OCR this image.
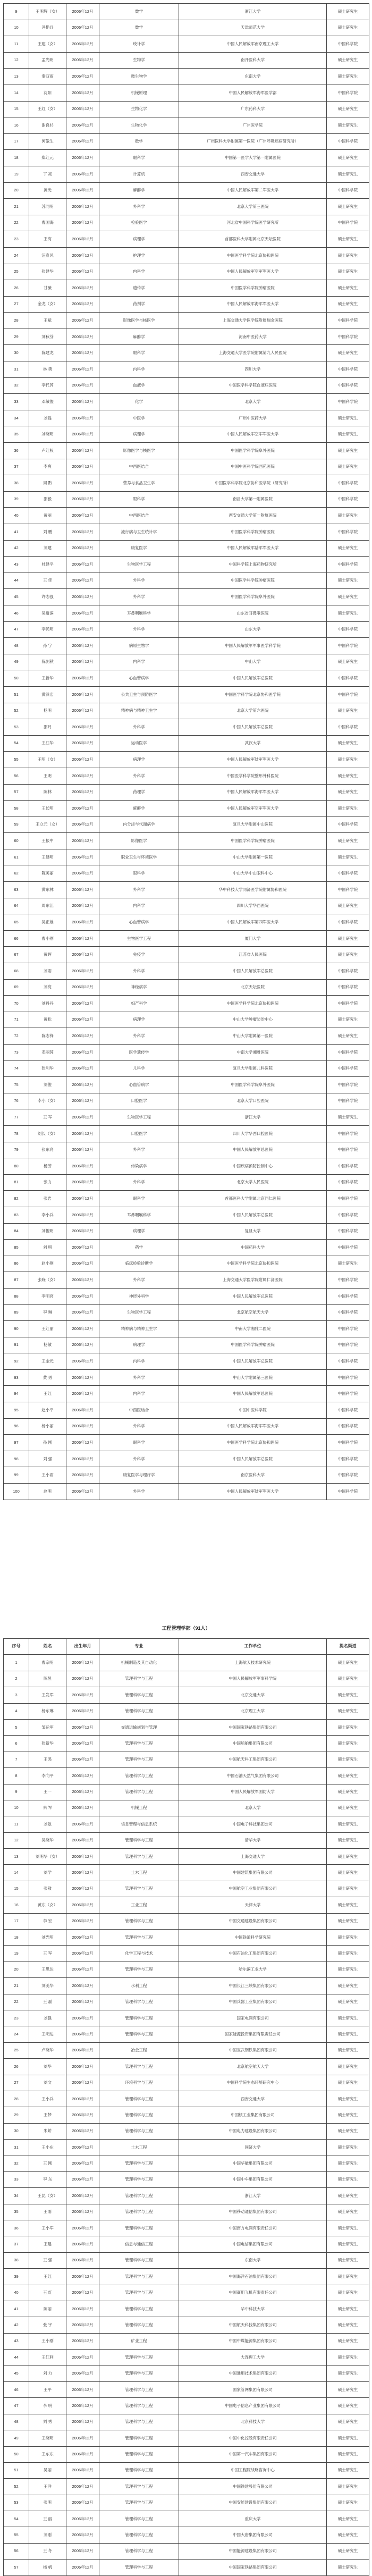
9	王明辉（女）	2006年12月	数学	浙江大学	硕士研究生
10	冯艳兵	2006年12月	数学	天津师范大学	硕士研究生
11	王建（女）	2006年12月	统计学	中国人民解放军南京理工大学	中国科学院
12	孟光明	2006年12月	生物学	南开医科大学	硕士研究生
13	秦双雨	2006年12月	微生物学	东南大学	硕士研究生
14	沈阳	2006年12月	机械原理	中国人民解放军海军医学部	中国科学院
15	王红（女）	2006年12月	生物化学	广东药科大学	硕士研究生
16	谢良杉	2006年12月	生物化学	广州医学院	硕士研究生
17	何傲生	2006年12月	数学	广州医科大学附属第一医院（广州呼吸疾病研究所）	中国科学院
18	郑红元	2006年12月	眼科学	中国第一医学大学第一附属医院	硕士研究生
19	丁 亮	2006年12月	计算机	西安交通大学	硕士研究生
20	黄光	2006年12月	麻醉学	中国人民解放军第二军医大学	中国科学院
21	苏同明	2006年12月	外科学	北京大学第三医院	硕士研究生
22	曹国海	2006年12月	检验医学	河北省中国科学院医学研究所	中国科学院
23	王海	2006年12月	病理学	首都医科大学附属北京天坛医院	硕士研究生
24	汪春风	2006年12月	护理学	中国医学科学院北京协和医院	硕士研究生
25	张建华	2006年12月	内科学	中国人民解放军空军军医大学	硕士研究生
26	甘薇	2006年12月	遗传学	中国医学科学院肿瘤医院	硕士研究生
27	金龙（女）	2006年12月	药剂学	中国人民解放军海军军医大学	硕士研究生
28	王斌	2006年12月	影像医学与核医学	上海交通大学医学院附属瑞金医院	中国科学院
29	刘秋芬	2006年12月	麻醉学	河南中医药大学	中国科学院
30	陈建龙	2006年12月	眼科学	上海交通大学医学院附属第九人民医院	硕士研究生
31	林 勇	2006年12月	内科学	四川大学	中国科学院
32	李代芮	2006年12月	血液学	中国医学科学院血液病医院	中国科学院
33	邓敏俊	2006年12月	化学	北京大学	中国科学院
34	刘磊	2006年12月	中医学	广州中医药大学	硕士研究生
35	刘晓明	2006年12月	病理学	中国人民解放军空军军医大学	硕士研究生
36	卢红权	2006年12月	影像医学与核医学	中国医学科学院阜外医院	硕士研究生
37	李爽	2006年12月	中西医结合	中国中医科学院西苑医院	硕士研究生
38	周 黔	2006年12月	营养与食品卫生学	中国医学科学院北京协和医学院（研究所）	中国科学院
39	邵毅	2006年12月	眼科学	南昌大学第一附属医院	中国科学院
40	黄丽	2006年12月	中西医结合	西安交通大学第一附属医院	硕士研究生
41	刘 鹏	2006年12月	流行病与卫生统计学	中国医学科学院肿瘤医院	中国科学院
42	刘建	2006年12月	康复医学	中国人民解放军陆军军医大学	硕士研究生
43	杜建平	2006年12月	生物医学工程	中国科学院上海药物研究所	中国科学院
44	王 佳	2006年12月	外科学	中国医学科学院肿瘤医院	硕士研究生
45	许志强	2006年12月	外科学	中国医学科学院阜外医院	硕士研究生
46	吴道滨	2006年12月	耳鼻咽喉科学	山东省耳鼻喉医院	硕士研究生
47	李民明	2006年12月	外科学	山东大学	中国科学院
48	孙 宁	2006年12月	病原生物学	中国人民解放军军事医学科学院	中国科学院
49	陈剑秋	2006年12月	内科学	中山大学	硕士研究生
50	王新华	2006年12月	心血管病学	中国人民解放军总医院	中国科学院
51	黄泽宏	2006年12月	公共卫生与预防医学	中国医学科学院北京协和医学院	中国科学院
52	杨明	2006年12月	精神病与精神卫生学	北京大学第六医院	硕士研究生
53	邵月	2006年12月	外科学	中国人民解放军总医院	中国科学院
54	王江华	2006年12月	运动医学	武汉大学	硕士研究生
55	王明（女）	2006年12月	病理学	中国人民解放军陆军军医大学	硕士研究生
56	王明	2006年12月	外科学	中国医学科学院整形外科医院	硕士研究生
57	陈林	2006年12月	药理学	中国人民解放军海军军医大学	硕士研究生
58	王长明	2006年12月	麻醉学	中国人民解放军空军军医大学	硕士研究生
59	王立元（女）	2006年12月	内分泌与代谢病学	复旦大学附属中山医院	中国科学院
60	王振中	2006年12月	影像医学	中国医学科学院肿瘤医院	硕士研究生
61	王建明	2006年12月	职业卫生与环境医学	中山大学附属第一医院	硕士研究生
62	陈美丽	2006年12月	眼科学	中山大学中山眼科中心	中国科学院
63	黄东林	2006年12月	外科学	华中科技大学同济医学院附属协和医院	中国科学院
64	周东江	2006年12月	内科学	四川大学华西医院	硕士研究生
65	吴正雄	2006年12月	心血管病学	中国人民解放军第四军医大学	中国科学院
66	曹小刚	2006年12月	生物医学工程	厦门大学	硕士研究生
67	黄晖	2006年12月	免疫学	江苏省人民医院	硕士研究生
68	刘雨	2006年12月	外科学	中国人民解放军总医院	中国科学院
69	刘亮	2006年12月	神经病学	北京天坛医院	中国科学院
70	刘丹丹	2006年12月	妇产科学	中国医学科学院北京协和医院	中国科学院
71	黄松	2006年12月	病理学	中山大学肿瘤防治中心	硕士研究生
72	陈志锋	2006年12月	外科学	中山大学附属第一医院	硕士研究生
73	邓丽蓉	2006年12月	医学遗传学	中南大学湘雅医院	中国科学院
74	张利华	2006年12月	儿科学	复旦大学附属儿科医院	中国科学院
75	刘俊	2006年12月	心血管病学	中国医学科学院阜外医院	中国科学院
76	李小（女）	2006年12月	口腔医学	北京大学口腔医院	中国科学院
77	王 军	2006年12月	生物医学工程	浙江大学	硕士研究生
78	刘长（女）	2006年12月	口腔医学	四川大学华西口腔医院	中国科学院
79	张东亮	2006年12月	外科学	中国人民解放军总医院	中国科学院
80	杨芳	2006年12月	传染病学	中国疾病预防控制中心	中国科学院
81	张力	2006年12月	外科学	北京大学人民医院	中国科学院
82	张岩	2006年12月	眼科学	首都医科大学附属北京同仁医院	中国科学院
83	李小兵	2006年12月	耳鼻咽喉科学	中国人民解放军总医院	中国科学院
84	刘俊明	2006年12月	病理学	复旦大学	中国科学院
85	刘 明	2006年12月	药学	中国药科大学	中国科学院
86	赵小刚	2006年12月	临床检验诊断学	中国医学科学院北京协和医院	硕士研究生
87	张晓（女）	2006年12月	外科学	上海交通大学医学院附属仁济医院	中国科学院
88	李明亮	2006年12月	神经外科学	中国人民解放军总医院	中国科学院
89	李 琳	2006年12月	生物医学工程	北京航空航天大学	中国科学院
90	王红丽	2006年12月	精神病与精神卫生学	中南大学湘雅二医院	中国科学院
91	杨敏	2006年12月	病理学	中国医学科学院肿瘤医院	中国科学院
92	王金元	2006年12月	内科学	中国人民解放军总医院	中国科学院
93	黄 勇	2006年12月	外科学	中山大学附属第三医院	中国科学院
94	王红	2006年12月	内科学	中国人民解放军总医院	中国科学院
95	赵小平	2006年12月	中西医结合	中国中医科学院	中国科学院
96	杨小丽	2006年12月	外科学	中国人民解放军海军军医大学	中国科学院
97	孙 刚	2006年12月	眼科学	中国医学科学院北京协和医院	中国科学院
98	刘 强	2006年12月	外科学	中国人民解放军总医院	中国科学院
99	王小雨	2006年12月	康复医学与理疗学	南京医科大学	中国科学院
100	赵明	2006年12月	外科学	中国人民解放军陆军军医大学	中国科学院
工程管理学部（91人）
序号	姓名	出生年月	专业	工作单位	提名渠道
1	曹宗明	2006年12月	机械制造及其自动化	上海航天技术研究院	硕士研究生
2	陈昱	2006年12月	管理科学与工程	中国人民解放军军事科学院	硕士研究生
3	王发军	2006年12月	管理科学与工程	北京交通大学	硕士研究生
4	杨东琳	2006年12月	管理科学与工程	北京理工大学	硕士研究生
5	邹运军	2006年12月	交通运输规划与管理	中国国家铁路集团有限公司	硕士研究生
6	张新华	2006年12月	管理科学与工程	中国船舶集团有限公司	硕士研究生
7	王鸿	2006年12月	管理科学与工程	中国航天科工集团有限公司	硕士研究生
8	李向平	2006年12月	管理科学与工程	中国石油天然气集团有限公司	硕士研究生
9	王一	2006年12月	管理科学与工程	中国人民解放军国防大学	硕士研究生
10	朱 军	2006年12月	机械工程	北京大学	硕士研究生
11	刘敏	2006年12月	信息管理与信息系统	中国电子科技集团公司	硕士研究生
12	吴晓华	2006年12月	管理科学与工程	清华大学	硕士研究生
13	刘明华（女）	2006年12月	管理科学与工程	上海交通大学	硕士研究生
14	刘学	2006年12月	土木工程	中国建筑集团有限公司	硕士研究生
15	张敬	2006年12月	管理科学与工程	中国航空工业集团有限公司	硕士研究生
16	黄东（女）	2006年12月	工业工程	天津大学	硕士研究生
17	李 宏	2006年12月	管理科学与工程	中国交通建设集团有限公司	硕士研究生
18	刘光明	2006年12月	管理科学与工程	中国铁道科学研究院	硕士研究生
19	王 军	2006年12月	化学工程与技术	中国石油化工集团有限公司	硕士研究生
20	王思达	2006年12月	管理科学与工程	哈尔滨工业大学	硕士研究生
21	刘美华	2006年12月	水利工程	中国长江三峡集团有限公司	硕士研究生
22	王 磊	2006年12月	管理科学与工程	中国兵器工业集团有限公司	硕士研究生
23	刘强	2006年12月	管理科学与工程	国家电网有限公司	硕士研究生
24	王明达	2006年12月	管理科学与工程	国家能源投资集团有限责任公司	硕士研究生
25	卢晓华	2006年12月	冶金工程	中国宝武钢铁集团有限公司	硕士研究生
26	刘华	2006年12月	管理科学与工程	北京航空航天大学	硕士研究生
27	刘文	2006年12月	环境科学与工程	中国科学院生态环境研究中心	硕士研究生
28	王小兵	2006年12月	管理科学与工程	西安交通大学	硕士研究生
29	王梦	2006年12月	管理科学与工程	中国核工业集团有限公司	硕士研究生
30	朱娇	2006年12月	管理科学与工程	中国电力建设集团有限公司	硕士研究生
31	王小东	2006年12月	土木工程	同济大学	硕士研究生
32	王 刚	2006年12月	管理科学与工程	中国华能集团有限公司	硕士研究生
33	李 东	2006年12月	管理科学与工程	中国中车集团有限公司	硕士研究生
34	王昆（女）	2006年12月	管理科学与工程	浙江大学	硕士研究生
35	王雨	2006年12月	管理科学与工程	中国移动通信集团有限公司	硕士研究生
36	王小军	2006年12月	管理科学与工程	中国南方电网有限责任公司	硕士研究生
37	王建	2006年12月	信息与通信工程	中国电信集团有限公司	硕士研究生
38	王 强	2006年12月	管理科学与工程	东南大学	硕士研究生
39	王红	2006年12月	管理科学与工程	中国海洋石油集团有限公司	硕士研究生
40	王 红	2006年12月	管理科学与工程	中国商用飞机有限责任公司	硕士研究生
41	陈丽	2006年12月	管理科学与工程	华中科技大学	硕士研究生
42	张 宇	2006年12月	管理科学与工程	中国航天科技集团有限公司	硕士研究生
43	王小刚	2006年12月	矿业工程	中国中煤能源集团有限公司	硕士研究生
44	王红利	2006年12月	管理科学与工程	大连理工大学	硕士研究生
45	刘 力	2006年12月	管理科学与工程	中国通用技术集团有限公司	硕士研究生
46	王平	2006年12月	管理科学与工程	国家管网集团有限公司	硕士研究生
47	李 明	2006年12月	管理科学与工程	中国电子信息产业集团有限公司	硕士研究生
48	刘 秀	2006年12月	管理科学与工程	北京科技大学	硕士研究生
49	王晓明	2006年12月	管理科学与工程	中国中化控股有限责任公司	硕士研究生
50	王东东	2006年12月	管理科学与工程	中国第一汽车集团有限公司	硕士研究生
51	吴丽	2006年12月	管理科学与工程	中国工程院战略咨询中心	硕士研究生
52	王洋	2006年12月	管理科学与工程	中国铁建股份有限公司	硕士研究生
53	张明	2006年12月	管理科学与工程	中国安能建设集团有限公司	硕士研究生
54	王 丽	2006年12月	管理科学与工程	重庆大学	硕士研究生
55	刘刚	2006年12月	管理科学与工程	中国大唐集团有限公司	硕士研究生
56	王 冬	2006年12月	管理科学与工程	中国能源建设集团有限公司	硕士研究生
57	杨 帆	2006年12月	管理科学与工程	中国国家铁路集团有限公司	硕士研究生
